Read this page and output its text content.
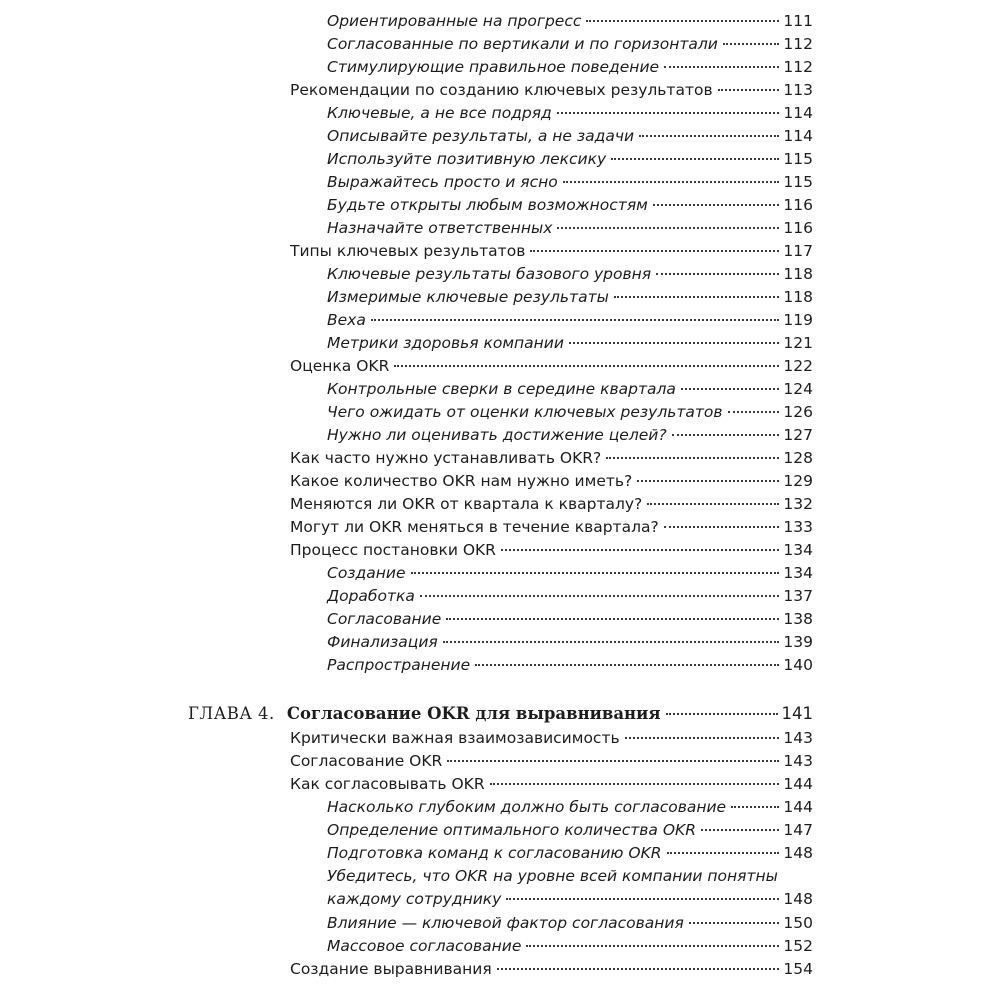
Ориентированные на прогресс	111
Согласованные по вертикали и по горизонтали	112
Стимулирующие правильное поведение	112
Рекомендации по созданию ключевых результатов	113
Ключевые, а не все подряд	114
Описывайте результаты, а не задачи	114
Используйте позитивную лексику	115
Выражайтесь просто и ясно	115
Будьте открыты любым возможностям	116
Назначайте ответственных	116
Типы ключевых результатов	117
Ключевые результаты базового уровня	118
Измеримые ключевые результаты	118
Веха	119
Метрики здоровья компании	121
Оценка OKR	122
Контрольные сверки в середине квартала	124
Чего ожидать от оценки ключевых результатов	126
Нужно ли оценивать достижение целей?	127
Как часто нужно устанавливать OKR?	128
Какое количество OKR нам нужно иметь?	129
Меняются ли OKR от квартала к кварталу?	132
Могут ли OKR меняться в течение квартала?	133
Процесс постановки OKR	134
Создание	134
Доработка	137
Согласование	138
Финализация	139
Распространение	140
ГЛАВА 4. Согласование OKR для выравнивания	141
Критически важная взаимозависимость	143
Согласование OKR	143
Как согласовывать OKR	144
Насколько глубоким должно быть согласование	144
Определение оптимального количества OKR	147
Подготовка команд к согласованию OKR	148
Убедитесь, что OKR на уровне всей компании понятны
каждому сотруднику	148
Влияние — ключевой фактор согласования	150
Массовое согласование	152
Создание выравнивания	154
